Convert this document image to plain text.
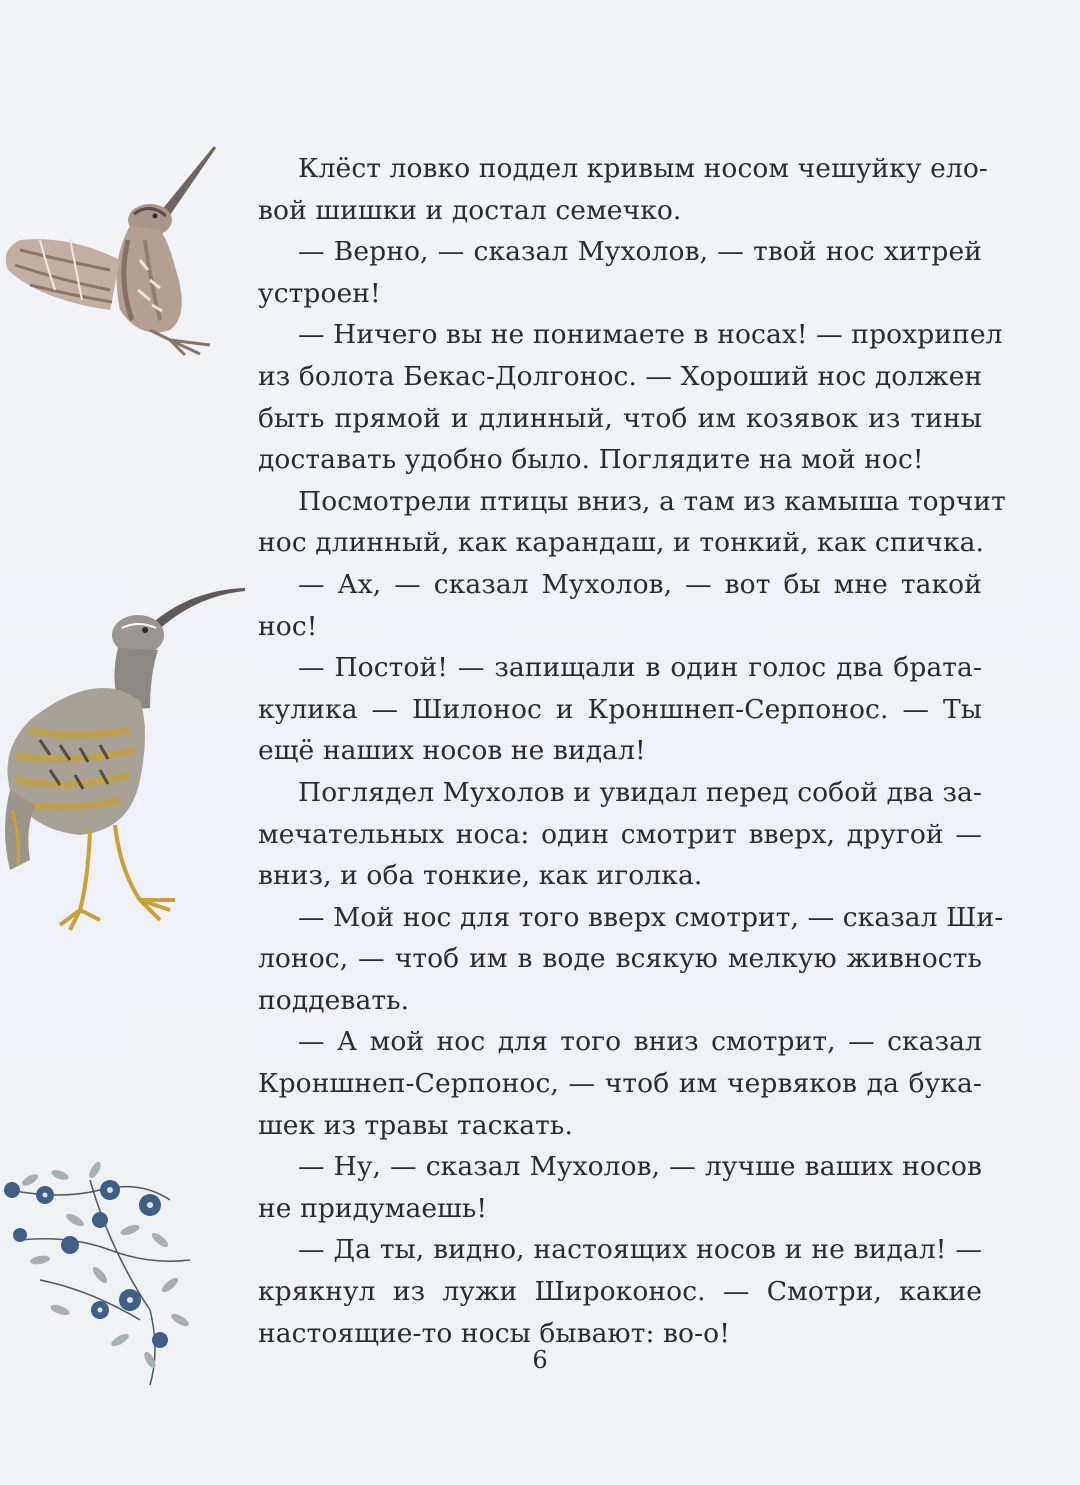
Клёст ловко поддел кривым носом чешуйку ело-
вой шишки и достал семечко.
— Верно, — сказал Мухолов, — твой нос хитрей
устроен!
— Ничего вы не понимаете в носах! — прохрипел
из болота Бекас-Долгонос. — Хороший нос должен
быть прямой и длинный, чтоб им козявок из тины
доставать удобно было. Поглядите на мой нос!
Посмотрели птицы вниз, а там из камыша торчит
нос длинный, как карандаш, и тонкий, как спичка.
— Ах, — сказал Мухолов, — вот бы мне такой
нос!
— Постой! — запищали в один голос два брата-
кулика — Шилонос и Кроншнеп-Серпонос. — Ты
ещё наших носов не видал!
Поглядел Мухолов и увидал перед собой два за-
мечательных носа: один смотрит вверх, другой —
вниз, и оба тонкие, как иголка.
— Мой нос для того вверх смотрит, — сказал Ши-
лонос, — чтоб им в воде всякую мелкую живность
поддевать.
— А мой нос для того вниз смотрит, — сказал
Кроншнеп-Серпонос, — чтоб им червяков да бука-
шек из травы таскать.
— Ну, — сказал Мухолов, — лучше ваших носов
не придумаешь!
— Да ты, видно, настоящих носов и не видал! —
крякнул из лужи Широконос. — Смотри, какие
настоящие-то носы бывают: во-о!
6
